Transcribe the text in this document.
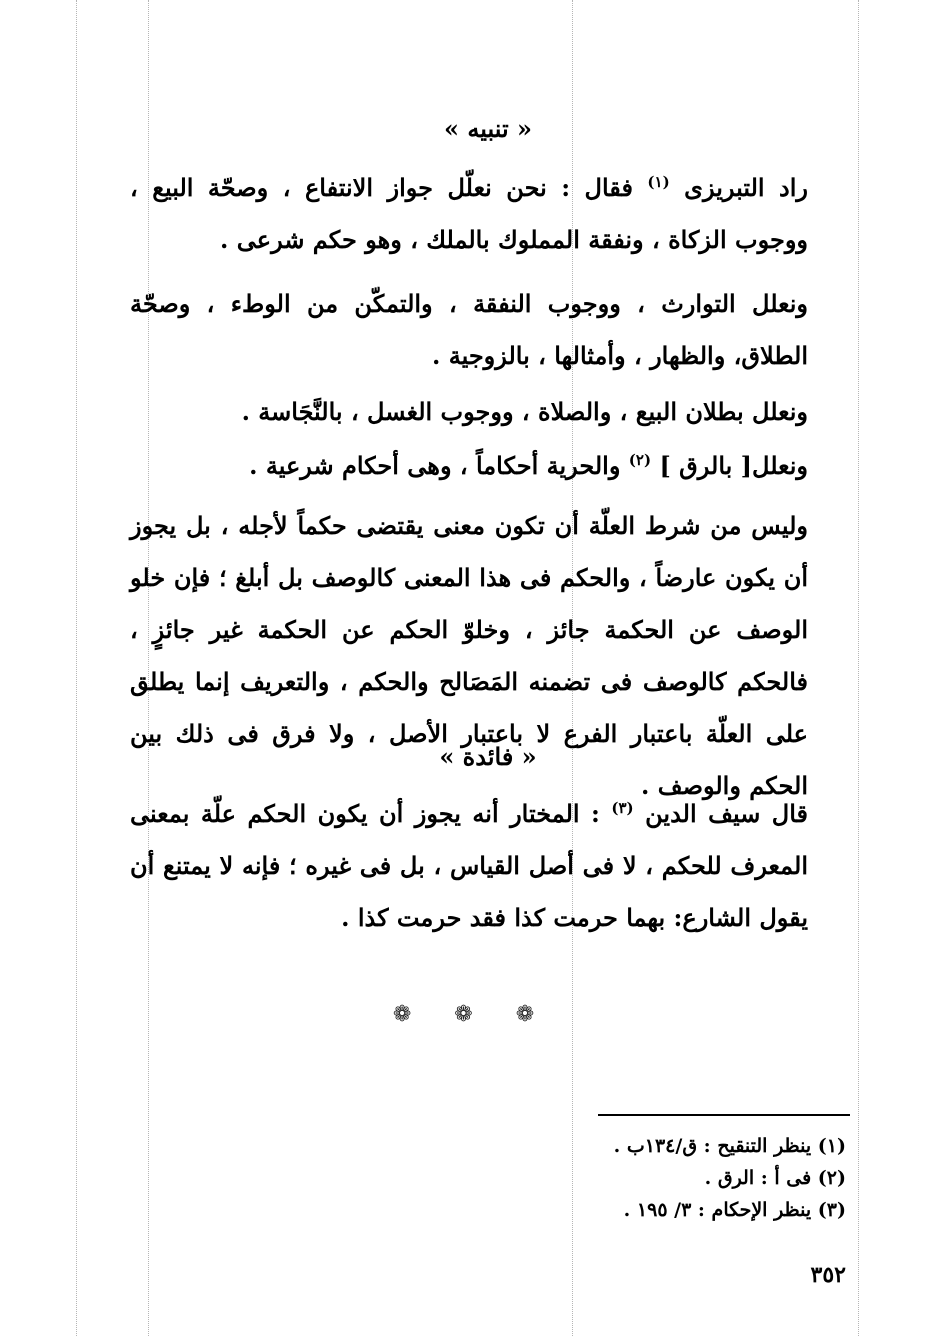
« تنبيه »

راد التبريزى $^{(١)}$ فقال : نحن نعلّل جواز الانتفاع ، وصحّة البيع ، ووجوب الزكاة ، ونفقة المملوك بالملك ، وهو حكم شرعى .

ونعلل التوارث ، ووجوب النفقة ، والتمكّن من الوطء ، وصحّة الطلاق، والظهار ، وأمثالها ، بالزوجية .

ونعلل بطلان البيع ، والصلاة ، ووجوب الغسل ، بالنَّجَاسة .

ونعلل[ بالرق ] $^{(٢)}$ والحرية أحكاماً ، وهى أحكام شرعية .

وليس من شرط العلّة أن تكون معنى يقتضى حكماً لأجله ، بل يجوز أن يكون عارضاً ، والحكم فى هذا المعنى كالوصف بل أبلغ ؛ فإن خلو الوصف عن الحكمة جائز ، وخلوّ الحكم عن الحكمة غير جائزٍ ، فالحكم كالوصف فى تضمنه المَصَالح والحكم ، والتعريف إنما يطلق على العلّة باعتبار الفرع لا باعتبار الأصل ، ولا فرق فى ذلك بين الحكم والوصف .

« فائدة »

قال سيف الدين $^{(٣)}$ : المختار أنه يجوز أن يكون الحكم علّة بمعنى المعرف للحكم ، لا فى أصل القياس ، بل فى غيره ؛ فإنه لا يمتنع أن يقول الشارع: بهما حرمت كذا فقد حرمت كذا .

❁ ❁ ❁
(١) ينظر التنقيح : ق/١٣٤ب .
(٢) فى أ : الرق .
(٣) ينظر الإحكام : ٣/ ١٩٥ .
٣٥٢
